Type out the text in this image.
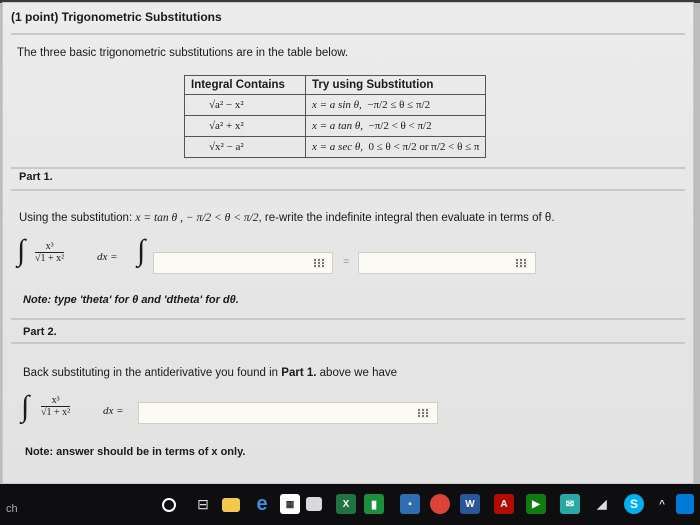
(1 point) Trigonometric Substitutions
The three basic trigonometric substitutions are in the table below.
Integral Contains	Try using Substitution
√a² − x²	x = a sin θ, −π/2 ≤ θ ≤ π/2
√a² + x²	x = a tan θ, −π/2 < θ < π/2
√x² − a²	x = a sec θ, 0 ≤ θ < π/2 or π/2 < θ ≤ π
Part 1.
Using the substitution: x = tan θ , − π/2 < θ < π/2, re-write the indefinite integral then evaluate in terms of θ.
∫ $\frac{\text{x³}}{\text{√1 + x²}}$	dx = ∫	=
Note: type 'theta' for θ and 'dtheta' for dθ.
Part 2.
Back substituting in the antiderivative you found in Part 1. above we have
∫ $\frac{\text{x³}}{\text{√1 + x²}}$	dx =
Note: answer should be in terms of x only.
ch	⊟ e	▦	X	▮	▪	W	A	▶	✉	◢	S	^
